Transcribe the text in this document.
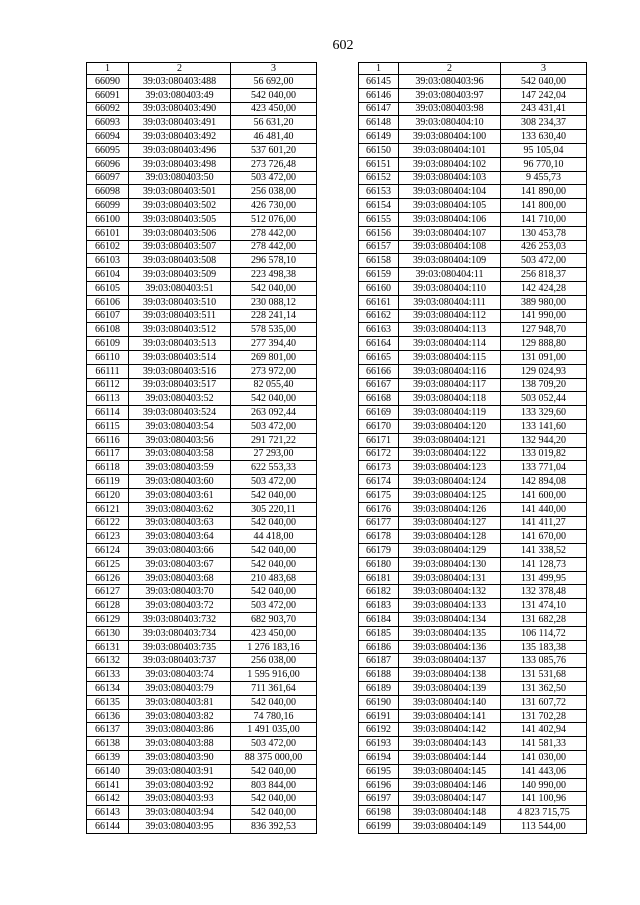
602
1	2	3
66090	39:03:080403:488	56 692,00
66091	39:03:080403:49	542 040,00
66092	39:03:080403:490	423 450,00
66093	39:03:080403:491	56 631,20
66094	39:03:080403:492	46 481,40
66095	39:03:080403:496	537 601,20
66096	39:03:080403:498	273 726,48
66097	39:03:080403:50	503 472,00
66098	39:03:080403:501	256 038,00
66099	39:03:080403:502	426 730,00
66100	39:03:080403:505	512 076,00
66101	39:03:080403:506	278 442,00
66102	39:03:080403:507	278 442,00
66103	39:03:080403:508	296 578,10
66104	39:03:080403:509	223 498,38
66105	39:03:080403:51	542 040,00
66106	39:03:080403:510	230 088,12
66107	39:03:080403:511	228 241,14
66108	39:03:080403:512	578 535,00
66109	39:03:080403:513	277 394,40
66110	39:03:080403:514	269 801,00
66111	39:03:080403:516	273 972,00
66112	39:03:080403:517	82 055,40
66113	39:03:080403:52	542 040,00
66114	39:03:080403:524	263 092,44
66115	39:03:080403:54	503 472,00
66116	39:03:080403:56	291 721,22
66117	39:03:080403:58	27 293,00
66118	39:03:080403:59	622 553,33
66119	39:03:080403:60	503 472,00
66120	39:03:080403:61	542 040,00
66121	39:03:080403:62	305 220,11
66122	39:03:080403:63	542 040,00
66123	39:03:080403:64	44 418,00
66124	39:03:080403:66	542 040,00
66125	39:03:080403:67	542 040,00
66126	39:03:080403:68	210 483,68
66127	39:03:080403:70	542 040,00
66128	39:03:080403:72	503 472,00
66129	39:03:080403:732	682 903,70
66130	39:03:080403:734	423 450,00
66131	39:03:080403:735	1 276 183,16
66132	39:03:080403:737	256 038,00
66133	39:03:080403:74	1 595 916,00
66134	39:03:080403:79	711 361,64
66135	39:03:080403:81	542 040,00
66136	39:03:080403:82	74 780,16
66137	39:03:080403:86	1 491 035,00
66138	39:03:080403:88	503 472,00
66139	39:03:080403:90	88 375 000,00
66140	39:03:080403:91	542 040,00
66141	39:03:080403:92	803 844,00
66142	39:03:080403:93	542 040,00
66143	39:03:080403:94	542 040,00
66144	39:03:080403:95	836 392,53
1	2	3
66145	39:03:080403:96	542 040,00
66146	39:03:080403:97	147 242,04
66147	39:03:080403:98	243 431,41
66148	39:03:080404:10	308 234,37
66149	39:03:080404:100	133 630,40
66150	39:03:080404:101	95 105,04
66151	39:03:080404:102	96 770,10
66152	39:03:080404:103	9 455,73
66153	39:03:080404:104	141 890,00
66154	39:03:080404:105	141 800,00
66155	39:03:080404:106	141 710,00
66156	39:03:080404:107	130 453,78
66157	39:03:080404:108	426 253,03
66158	39:03:080404:109	503 472,00
66159	39:03:080404:11	256 818,37
66160	39:03:080404:110	142 424,28
66161	39:03:080404:111	389 980,00
66162	39:03:080404:112	141 990,00
66163	39:03:080404:113	127 948,70
66164	39:03:080404:114	129 888,80
66165	39:03:080404:115	131 091,00
66166	39:03:080404:116	129 024,93
66167	39:03:080404:117	138 709,20
66168	39:03:080404:118	503 052,44
66169	39:03:080404:119	133 329,60
66170	39:03:080404:120	133 141,60
66171	39:03:080404:121	132 944,20
66172	39:03:080404:122	133 019,82
66173	39:03:080404:123	133 771,04
66174	39:03:080404:124	142 894,08
66175	39:03:080404:125	141 600,00
66176	39:03:080404:126	141 440,00
66177	39:03:080404:127	141 411,27
66178	39:03:080404:128	141 670,00
66179	39:03:080404:129	141 338,52
66180	39:03:080404:130	141 128,73
66181	39:03:080404:131	131 499,95
66182	39:03:080404:132	132 378,48
66183	39:03:080404:133	131 474,10
66184	39:03:080404:134	131 682,28
66185	39:03:080404:135	106 114,72
66186	39:03:080404:136	135 183,38
66187	39:03:080404:137	133 085,76
66188	39:03:080404:138	131 531,68
66189	39:03:080404:139	131 362,50
66190	39:03:080404:140	131 607,72
66191	39:03:080404:141	131 702,28
66192	39:03:080404:142	141 402,94
66193	39:03:080404:143	141 581,33
66194	39:03:080404:144	141 030,00
66195	39:03:080404:145	141 443,06
66196	39:03:080404:146	140 990,00
66197	39:03:080404:147	141 100,96
66198	39:03:080404:148	4 823 715,75
66199	39:03:080404:149	113 544,00
